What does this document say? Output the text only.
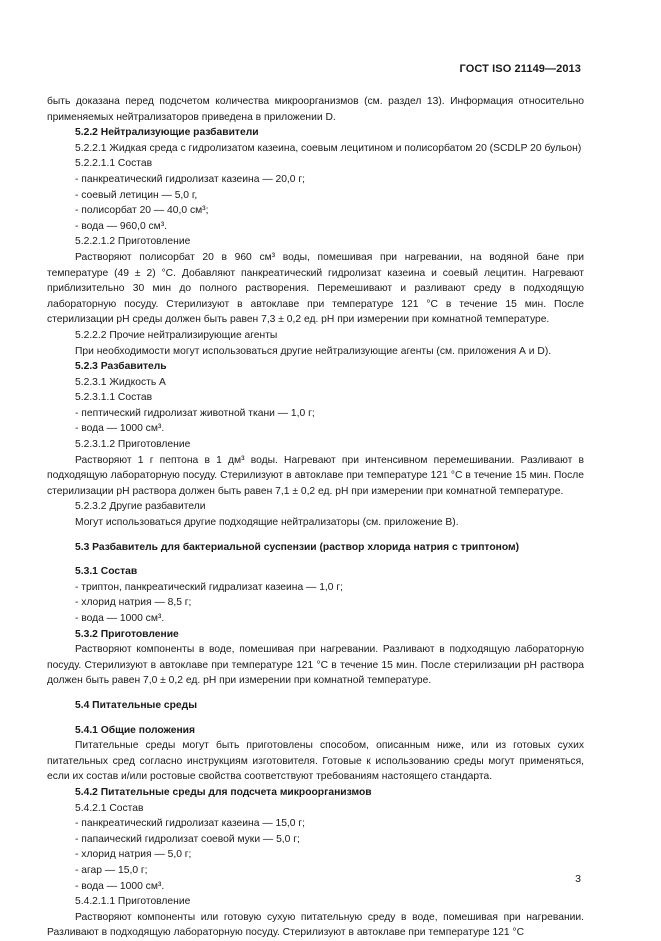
ГОСТ ISO 21149—2013

быть доказана перед подсчетом количества микроорганизмов (см. раздел 13). Информация относительно применяемых нейтрализаторов приведена в приложении D.

5.2.2 Нейтрализующие разбавители

5.2.2.1 Жидкая среда с гидролизатом казеина, соевым лецитином и полисорбатом 20 (SCDLP 20 бульон)

5.2.2.1.1 Состав

- панкреатический гидролизат казеина — 20,0 г;

- соевый летицин — 5,0 г,

- полисорбат 20 — 40,0 см³;

- вода — 960,0 см³.

5.2.2.1.2 Приготовление

Растворяют полисорбат 20 в 960 см³ воды, помешивая при нагревании, на водяной бане при температуре (49 ± 2) °С. Добавляют панкреатический гидролизат казеина и соевый лецитин. Нагревают приблизительно 30 мин до полного растворения. Перемешивают и разливают среду в подходящую лабораторную посуду. Стерилизуют в автоклаве при температуре 121 °С в течение 15 мин. После стерилизации рН среды должен быть равен 7,3 ± 0,2 ед. рН при измерении при комнатной температуре.

5.2.2.2 Прочие нейтрализирующие агенты

При необходимости могут использоваться другие нейтрализующие агенты (см. приложения А и D).

5.2.3 Разбавитель

5.2.3.1 Жидкость А

5.2.3.1.1 Состав

- пептический гидролизат животной ткани — 1,0 г;

- вода — 1000 см³.

5.2.3.1.2 Приготовление

Растворяют 1 г пептона в 1 дм³ воды. Нагревают при интенсивном перемешивании. Разливают в подходящую лабораторную посуду. Стерилизуют в автоклаве при температуре 121 °С в течение 15 мин. После стерилизации рН раствора должен быть равен 7,1 ± 0,2 ед. рН при измерении при комнатной температуре.

5.2.3.2 Другие разбавители

Могут использоваться другие подходящие нейтрализаторы (см. приложение В).

5.3 Разбавитель для бактериальной суспензии (раствор хлорида натрия с триптоном)

5.3.1 Состав

- триптон, панкреатический гидрализат казеина — 1,0 г;

- хлорид натрия — 8,5 г;

- вода — 1000 см³.

5.3.2 Приготовление

Растворяют компоненты в воде, помешивая при нагревании. Разливают в подходящую лабораторную посуду. Стерилизуют в автоклаве при температуре 121 °С в течение 15 мин. После стерилизации рН раствора должен быть равен 7,0 ± 0,2 ед. рН при измерении при комнатной температуре.

5.4 Питательные среды

5.4.1 Общие положения

Питательные среды могут быть приготовлены способом, описанным ниже, или из готовых сухих питательных сред согласно инструкциям изготовителя. Готовые к использованию среды могут применяться, если их состав и/или ростовые свойства соответствуют требованиям настоящего стандарта.

5.4.2 Питательные среды для подсчета микроорганизмов

5.4.2.1 Состав

- панкреатический гидролизат казеина — 15,0 г;

- папаический гидролизат соевой муки — 5,0 г;

- хлорид натрия — 5,0 г;

- агар — 15,0 г;

- вода — 1000 см³.

5.4.2.1.1 Приготовление

Растворяют компоненты или готовую сухую питательную среду в воде, помешивая при нагревании. Разливают в подходящую лабораторную посуду. Стерилизуют в автоклаве при температуре 121 °С

3
